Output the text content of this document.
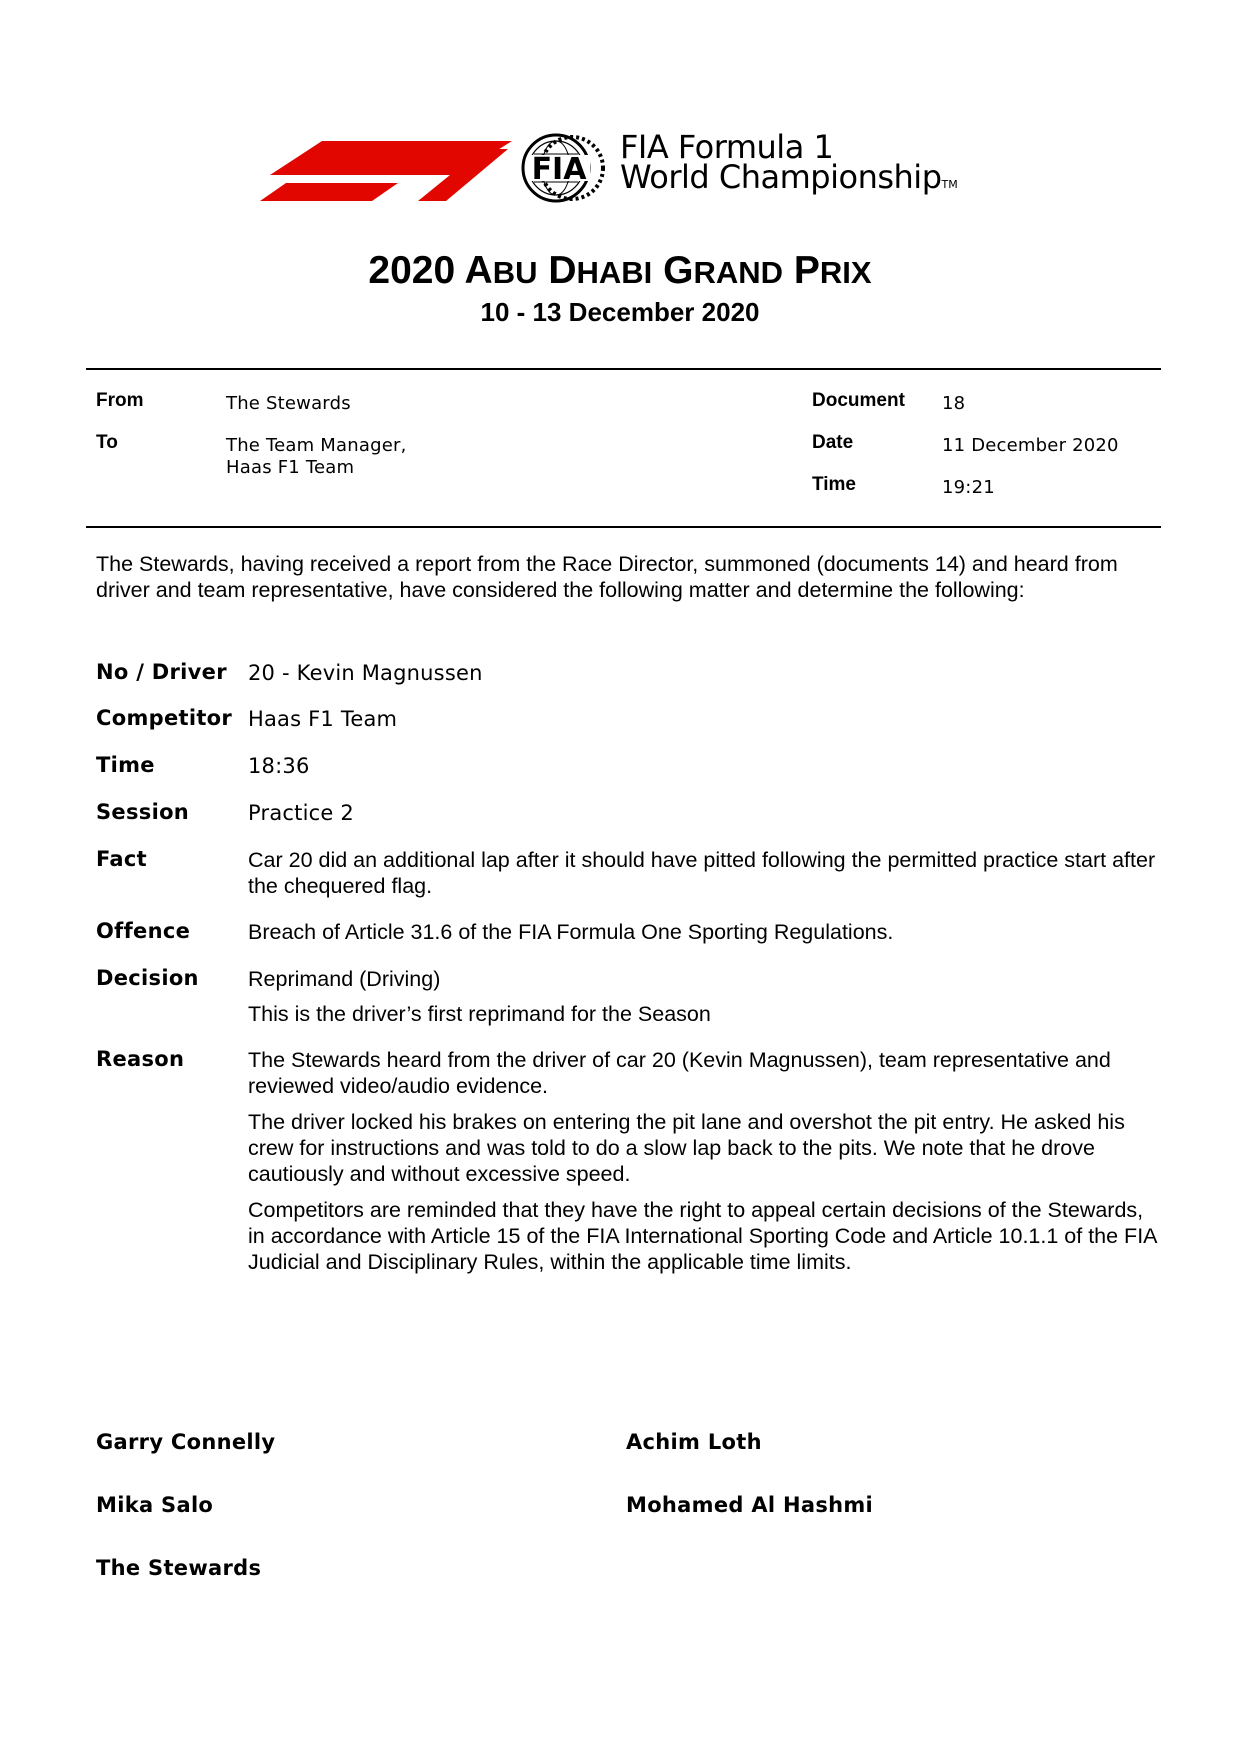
FIA
FIA Formula 1
World ChampionshipTM
2020 ABU DHABI GRAND PRIX
10 - 13 December 2020
From	The Stewards
To	The Team Manager,
Haas F1 Team
Document 18
Date	11 December 2020
Time	19:21
The Stewards, having received a report from the Race Director, summoned (documents 14) and heard from driver and team representative, have considered the following matter and determine the following:
No / Driver 20 - Kevin Magnussen
Competitor Haas F1 Team
Time	18:36
Session	Practice 2
Fact	Car 20 did an additional lap after it should have pitted following the permitted practice start after the chequered flag.
Offence	Breach of Article 31.6 of the FIA Formula One Sporting Regulations.
Decision Reprimand (Driving)
This is the driver’s first reprimand for the Season
Reason	The Stewards heard from the driver of car 20 (Kevin Magnussen), team representative and reviewed video/audio evidence.
The driver locked his brakes on entering the pit lane and overshot the pit entry. He asked his crew for instructions and was told to do a slow lap back to the pits. We note that he drove cautiously and without excessive speed.
Competitors are reminded that they have the right to appeal certain decisions of the Stewards, in accordance with Article 15 of the FIA International Sporting Code and Article 10.1.1 of the FIA Judicial and Disciplinary Rules, within the applicable time limits.
Garry Connelly	Achim Loth
Mika Salo	Mohamed Al Hashmi
The Stewards
